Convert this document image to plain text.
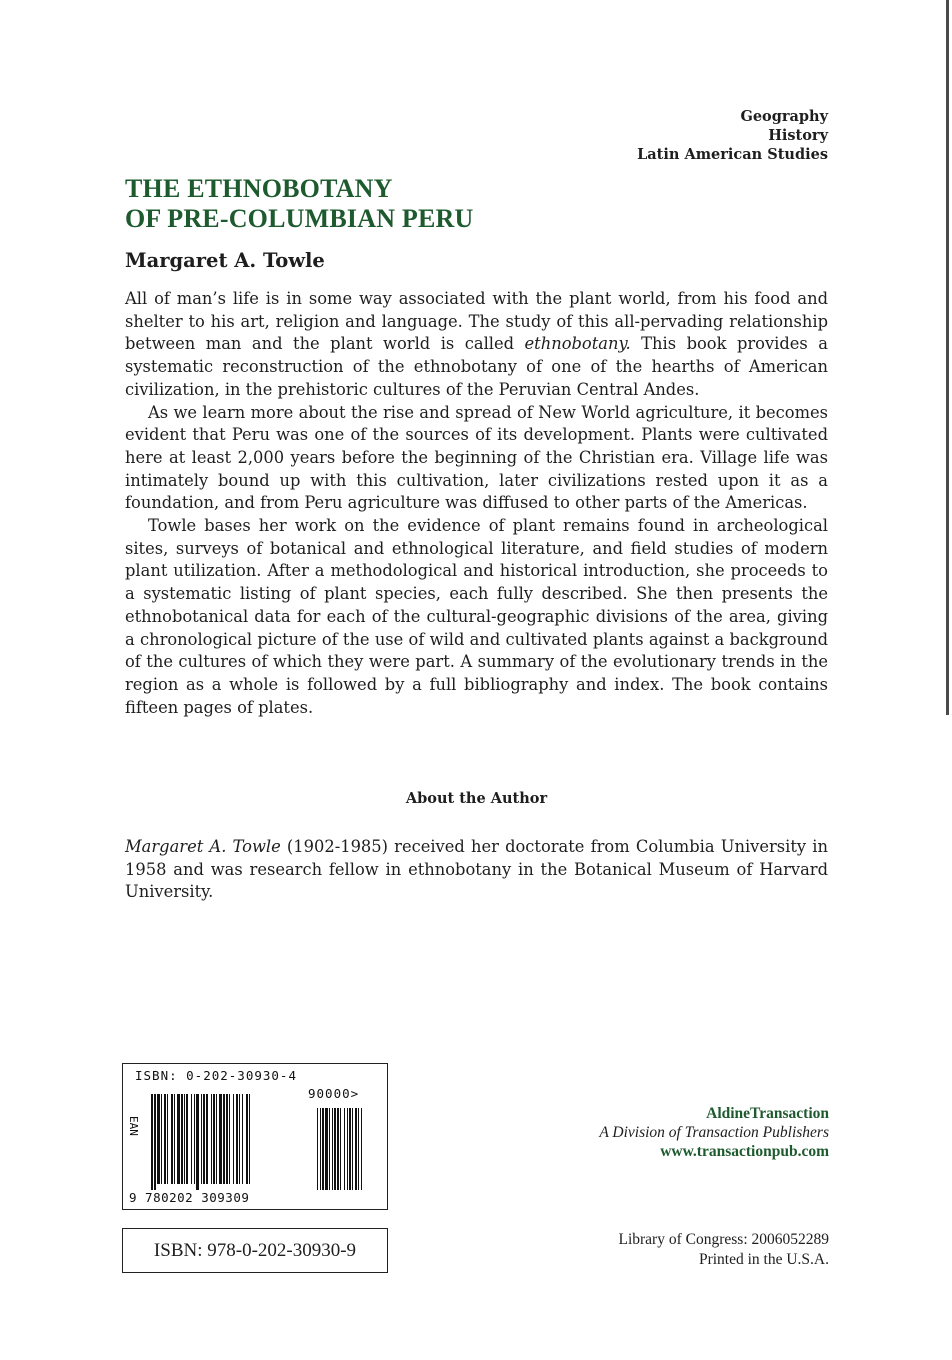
Geography
History
Latin American Studies
THE ETHNOBOTANY
OF PRE-COLUMBIAN PERU
Margaret A. Towle

All of man’s life is in some way associated with the plant world, from his food and shelter to his art, religion and language. The study of this all-pervading relationship between man and the plant world is called ethnobotany. This book provides a systematic reconstruction of the ethnobotany of one of the hearths of American civilization, in the prehistoric cultures of the Peruvian Central Andes.

As we learn more about the rise and spread of New World agriculture, it becomes evident that Peru was one of the sources of its development. Plants were cultivated here at least 2,000 years before the beginning of the Christian era. Village life was intimately bound up with this cultivation, later civilizations rested upon it as a foundation, and from Peru agriculture was diffused to other parts of the Americas.

Towle bases her work on the evidence of plant remains found in archeological sites, surveys of botanical and ethnological literature, and field studies of modern plant utilization. After a methodological and historical introduction, she proceeds to a systematic listing of plant species, each fully described. She then presents the ethnobotanical data for each of the cultural-geographic divisions of the area, giving a chronological picture of the use of wild and cultivated plants against a background of the cultures of which they were part. A summary of the evolutionary trends in the region as a whole is followed by a full bibliography and index. The book contains fifteen pages of plates.

About the Author

Margaret A. Towle (1902-1985) received her doctorate from Columbia University in 1958 and was research fellow in ethnobotany in the Botanical Museum of Harvard University.

ISBN: 0-202-30930-4
90000>
EAN
9 780202 309309
ISBN: 978-0-202-30930-9
AldineTransaction
A Division of Transaction Publishers
www.transactionpub.com
Library of Congress: 2006052289
Printed in the U.S.A.
